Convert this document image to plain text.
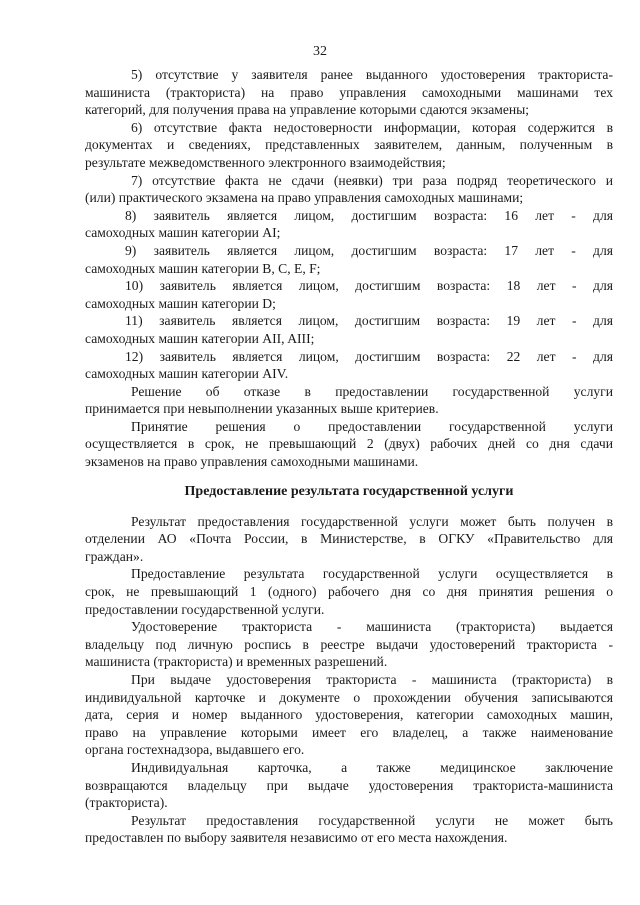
32
5) отсутствие у заявителя ранее выданного удостоверения тракториста-
машиниста (тракториста) на право управления самоходными машинами тех
категорий, для получения права на управление которыми сдаются экзамены;
6) отсутствие факта недостоверности информации, которая содержится в
документах и сведениях, представленных заявителем, данным, полученным в
результате межведомственного электронного взаимодействия;
7) отсутствие факта не сдачи (неявки) три раза подряд теоретического и
(или) практического экзамена на право управления самоходных машинами;
8) заявитель является лицом, достигшим возраста: 16 лет - для
самоходных машин категории AI;
9) заявитель является лицом, достигшим возраста: 17 лет - для
самоходных машин категории B, C, E, F;
10) заявитель является лицом, достигшим возраста: 18 лет - для
самоходных машин категории D;
11) заявитель является лицом, достигшим возраста: 19 лет - для
самоходных машин категории AII, AIII;
12) заявитель является лицом, достигшим возраста: 22 лет - для
самоходных машин категории AIV.
Решение об отказе в предоставлении государственной услуги
принимается при невыполнении указанных выше критериев.
Принятие решения о предоставлении государственной услуги
осуществляется в срок, не превышающий 2 (двух) рабочих дней со дня сдачи
экзаменов на право управления самоходными машинами.
Предоставление результата государственной услуги
Результат предоставления государственной услуги может быть получен в
отделении АО «Почта России, в Министерстве, в ОГКУ «Правительство для
граждан».
Предоставление результата государственной услуги осуществляется в
срок, не превышающий 1 (одного) рабочего дня со дня принятия решения о
предоставлении государственной услуги.
Удостоверение тракториста - машиниста (тракториста) выдается
владельцу под личную роспись в реестре выдачи удостоверений тракториста -
машиниста (тракториста) и временных разрешений.
При выдаче удостоверения тракториста - машиниста (тракториста) в
индивидуальной карточке и документе о прохождении обучения записываются
дата, серия и номер выданного удостоверения, категории самоходных машин,
право на управление которыми имеет его владелец, а также наименование
органа гостехнадзора, выдавшего его.
Индивидуальная карточка, а также медицинское заключение
возвращаются владельцу при выдаче удостоверения тракториста-машиниста
(тракториста).
Результат предоставления государственной услуги не может быть
предоставлен по выбору заявителя независимо от его места нахождения.
